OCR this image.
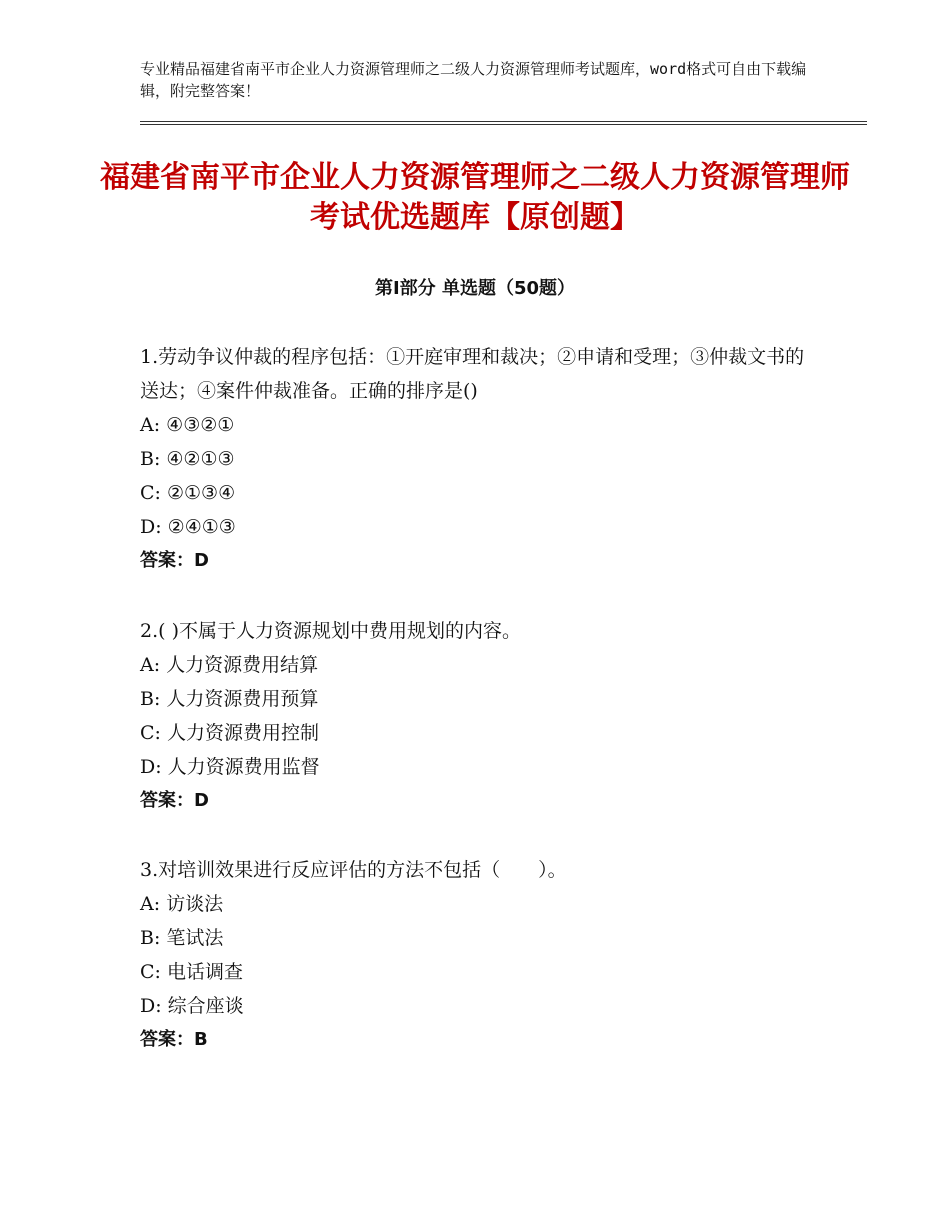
专业精品福建省南平市企业人力资源管理师之二级人力资源管理师考试题库，word格式可自由下载编辑，附完整答案！
福建省南平市企业人力资源管理师之二级人力资源管理师考试优选题库【原创题】
第Ⅰ部分 单选题（50题）

1.劳动争议仲裁的程序包括：①开庭审理和裁决；②申请和受理；③仲裁文书的送达；④案件仲裁准备。正确的排序是()

A: ④③②①

B: ④②①③

C: ②①③④

D: ②④①③

答案：D

2.( )不属于人力资源规划中费用规划的内容。

A: 人力资源费用结算

B: 人力资源费用预算

C: 人力资源费用控制

D: 人力资源费用监督

答案：D

3.对培训效果进行反应评估的方法不包括（　　）。

A: 访谈法

B: 笔试法

C: 电话调查

D: 综合座谈

答案：B
